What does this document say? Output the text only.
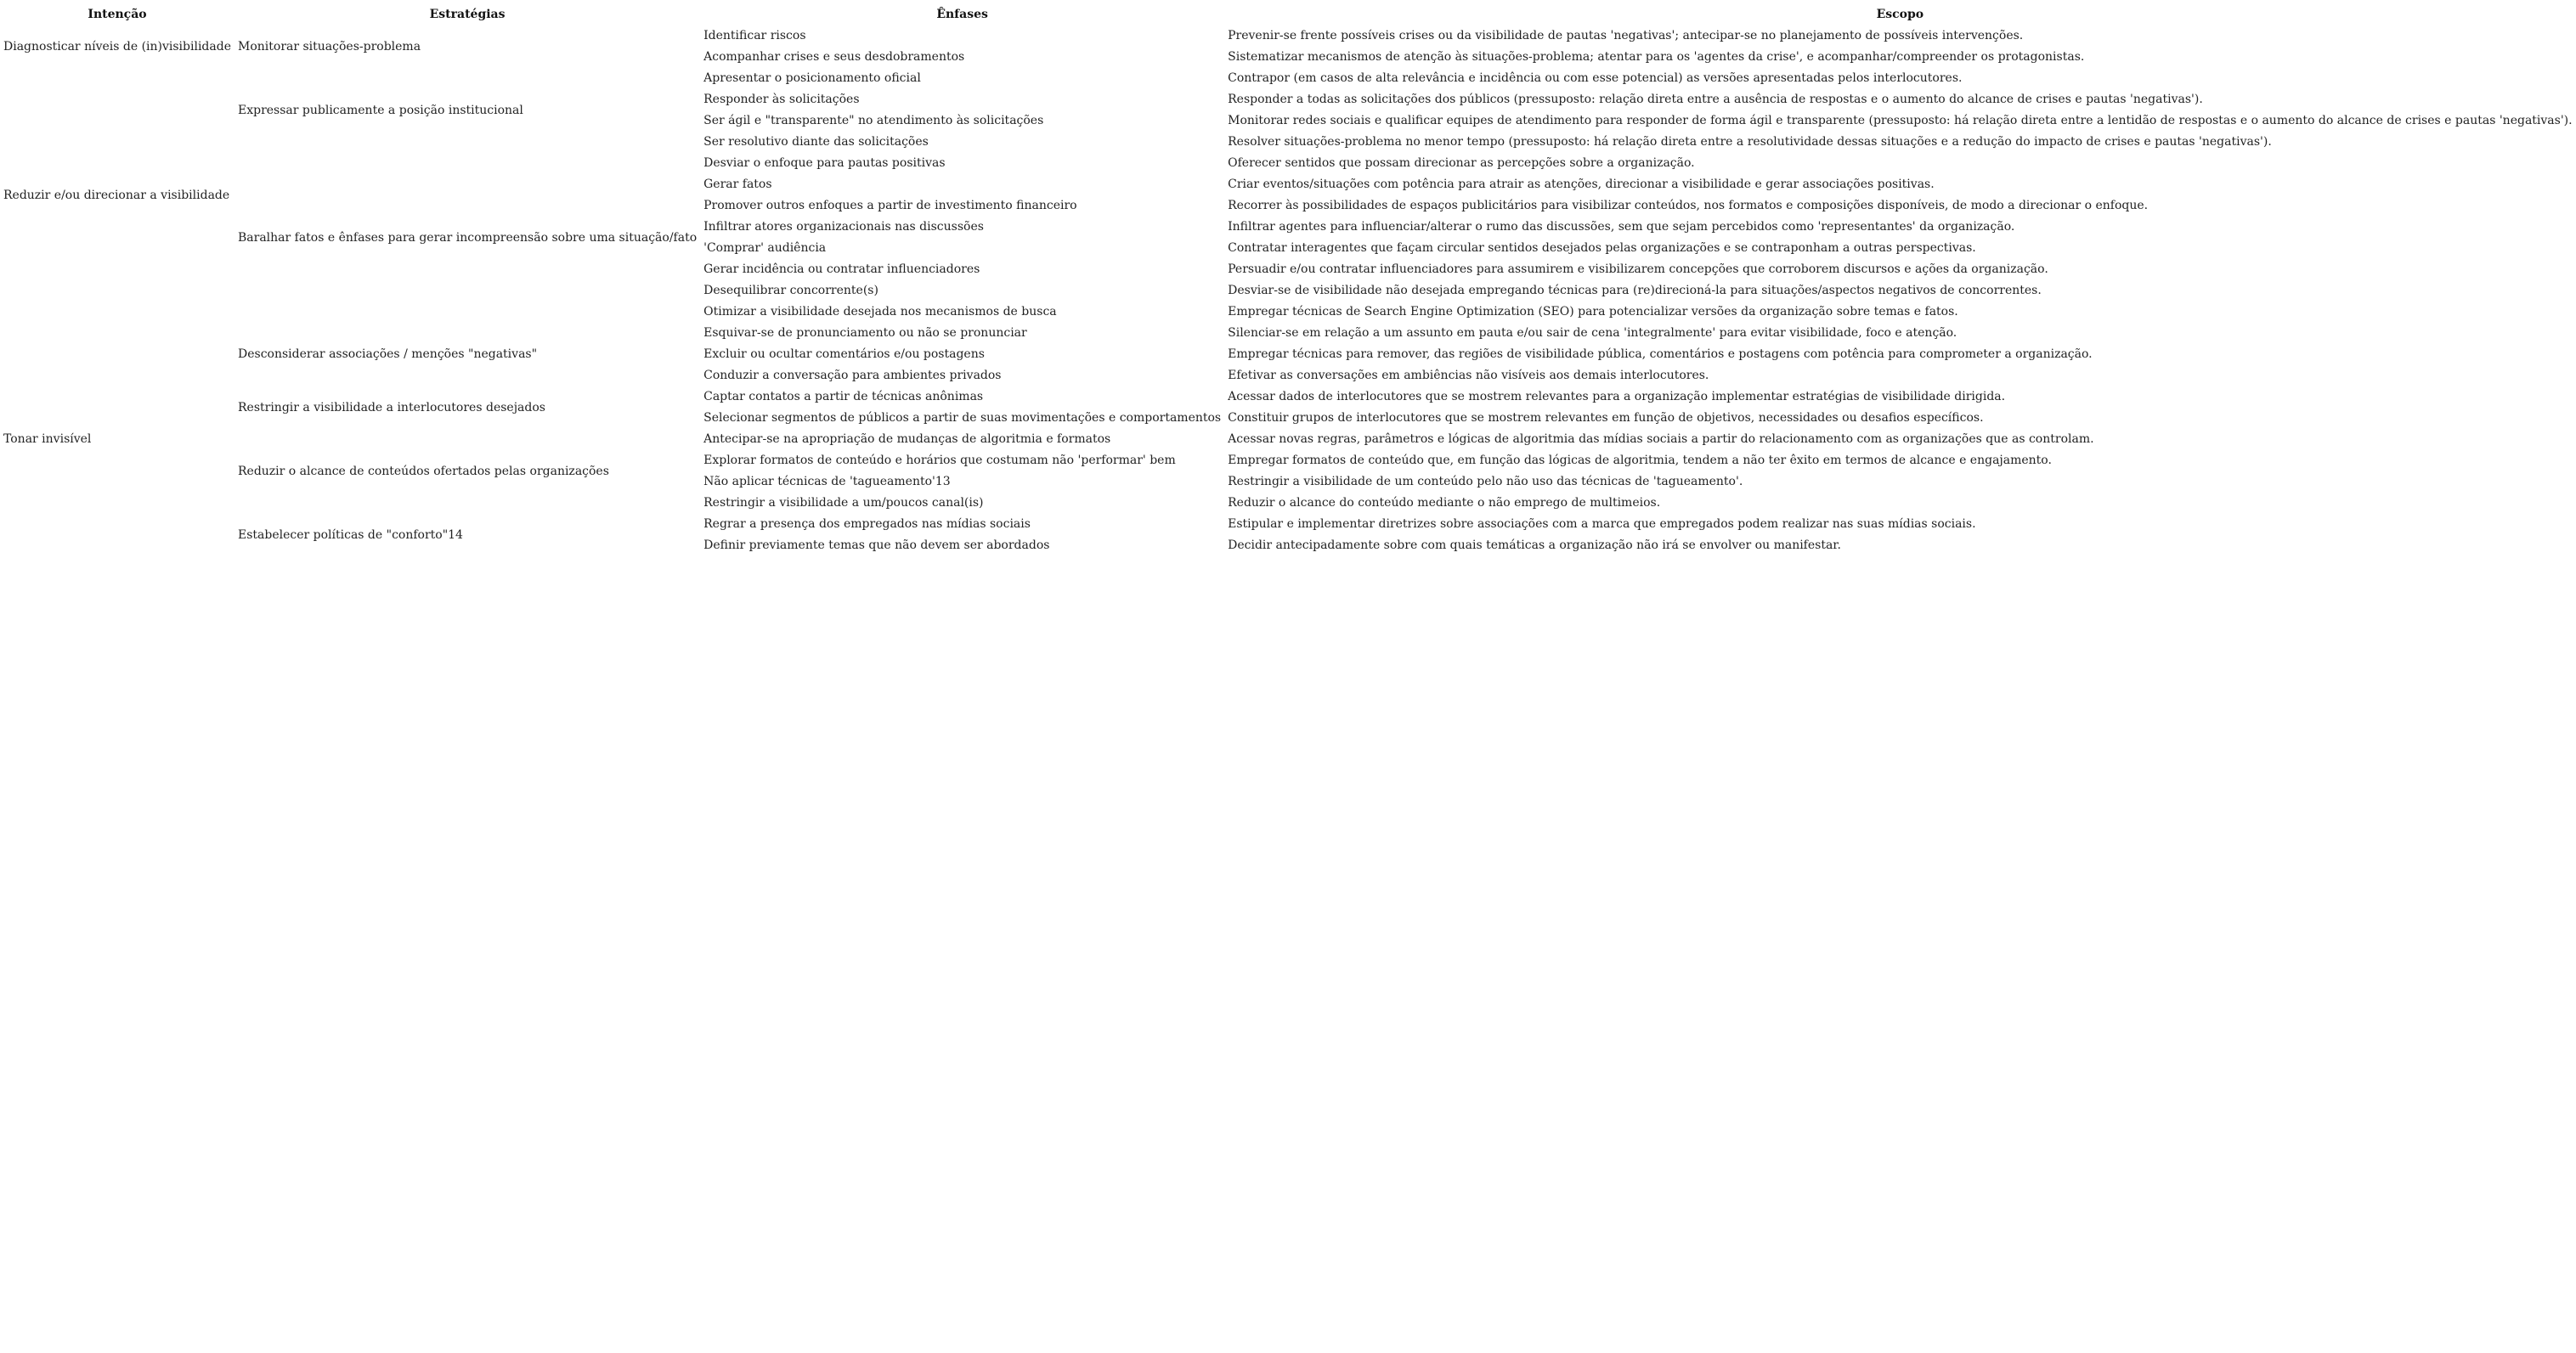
Intenção	Estratégias	Ênfases	Escopo
Diagnosticar níveis de (in)visibilidade	Monitorar situações-problema	Identificar riscos	Prevenir-se frente possíveis crises ou da visibilidade de pautas 'negativas'; antecipar-se no planejamento de possíveis intervenções.
		Acompanhar crises e seus desdobramentos	Sistematizar mecanismos de atenção às situações-problema; atentar para os 'agentes da crise', e acompanhar/compreender os protagonistas.
Reduzir e/ou direcionar a visibilidade	Expressar publicamente a posição institucional	Apresentar o posicionamento oficial	Contrapor (em casos de alta relevância e incidência ou com esse potencial) as versões apresentadas pelos interlocutores.
		Responder às solicitações	Responder a todas as solicitações dos públicos (pressuposto: relação direta entre a ausência de respostas e o aumento do alcance de crises e pautas 'negativas').
		Ser ágil e "transparente" no atendimento às solicitações	Monitorar redes sociais e qualificar equipes de atendimento para responder de forma ágil e transparente (pressuposto: há relação direta entre a lentidão de respostas e o aumento do alcance de crises e pautas 'negativas').
		Ser resolutivo diante das solicitações	Resolver situações-problema no menor tempo (pressuposto: há relação direta entre a resolutividade dessas situações e a redução do impacto de crises e pautas 'negativas').
	Baralhar fatos e ênfases para gerar incompreensão sobre uma situação/fato	Desviar o enfoque para pautas positivas	Oferecer sentidos que possam direcionar as percepções sobre a organização.
		Gerar fatos	Criar eventos/situações com potência para atrair as atenções, direcionar a visibilidade e gerar associações positivas.
		Promover outros enfoques a partir de investimento financeiro	Recorrer às possibilidades de espaços publicitários para visibilizar conteúdos, nos formatos e composições disponíveis, de modo a direcionar o enfoque.
		Infiltrar atores organizacionais nas discussões	Infiltrar agentes para influenciar/alterar o rumo das discussões, sem que sejam percebidos como 'representantes' da organização.
		'Comprar' audiência	Contratar interagentes que façam circular sentidos desejados pelas organizações e se contraponham a outras perspectivas.
		Gerar incidência ou contratar influenciadores	Persuadir e/ou contratar influenciadores para assumirem e visibilizarem concepções que corroborem discursos e ações da organização.
		Desequilibrar concorrente(s)	Desviar-se de visibilidade não desejada empregando técnicas para (re)direcioná-la para situações/aspectos negativos de concorrentes.
		Otimizar a visibilidade desejada nos mecanismos de busca	Empregar técnicas de Search Engine Optimization (SEO) para potencializar versões da organização sobre temas e fatos.
Tonar invisível	Desconsiderar associações / menções "negativas"	Esquivar-se de pronunciamento ou não se pronunciar	Silenciar-se em relação a um assunto em pauta e/ou sair de cena 'integralmente' para evitar visibilidade, foco e atenção.
		Excluir ou ocultar comentários e/ou postagens	Empregar técnicas para remover, das regiões de visibilidade pública, comentários e postagens com potência para comprometer a organização.
		Conduzir a conversação para ambientes privados	Efetivar as conversações em ambiências não visíveis aos demais interlocutores.
	Restringir a visibilidade a interlocutores desejados	Captar contatos a partir de técnicas anônimas	Acessar dados de interlocutores que se mostrem relevantes para a organização implementar estratégias de visibilidade dirigida.
		Selecionar segmentos de públicos a partir de suas movimentações e comportamentos	Constituir grupos de interlocutores que se mostrem relevantes em função de objetivos, necessidades ou desafios específicos.
	Reduzir o alcance de conteúdos ofertados pelas organizações	Antecipar-se na apropriação de mudanças de algoritmia e formatos	Acessar novas regras, parâmetros e lógicas de algoritmia das mídias sociais a partir do relacionamento com as organizações que as controlam.
		Explorar formatos de conteúdo e horários que costumam não 'performar' bem	Empregar formatos de conteúdo que, em função das lógicas de algoritmia, tendem a não ter êxito em termos de alcance e engajamento.
		Não aplicar técnicas de 'tagueamento'13	Restringir a visibilidade de um conteúdo pelo não uso das técnicas de 'tagueamento'.
		Restringir a visibilidade a um/poucos canal(is)	Reduzir o alcance do conteúdo mediante o não emprego de multimeios.
	Estabelecer políticas de "conforto"14	Regrar a presença dos empregados nas mídias sociais	Estipular e implementar diretrizes sobre associações com a marca que empregados podem realizar nas suas mídias sociais.
		Definir previamente temas que não devem ser abordados	Decidir antecipadamente sobre com quais temáticas a organização não irá se envolver ou manifestar.
